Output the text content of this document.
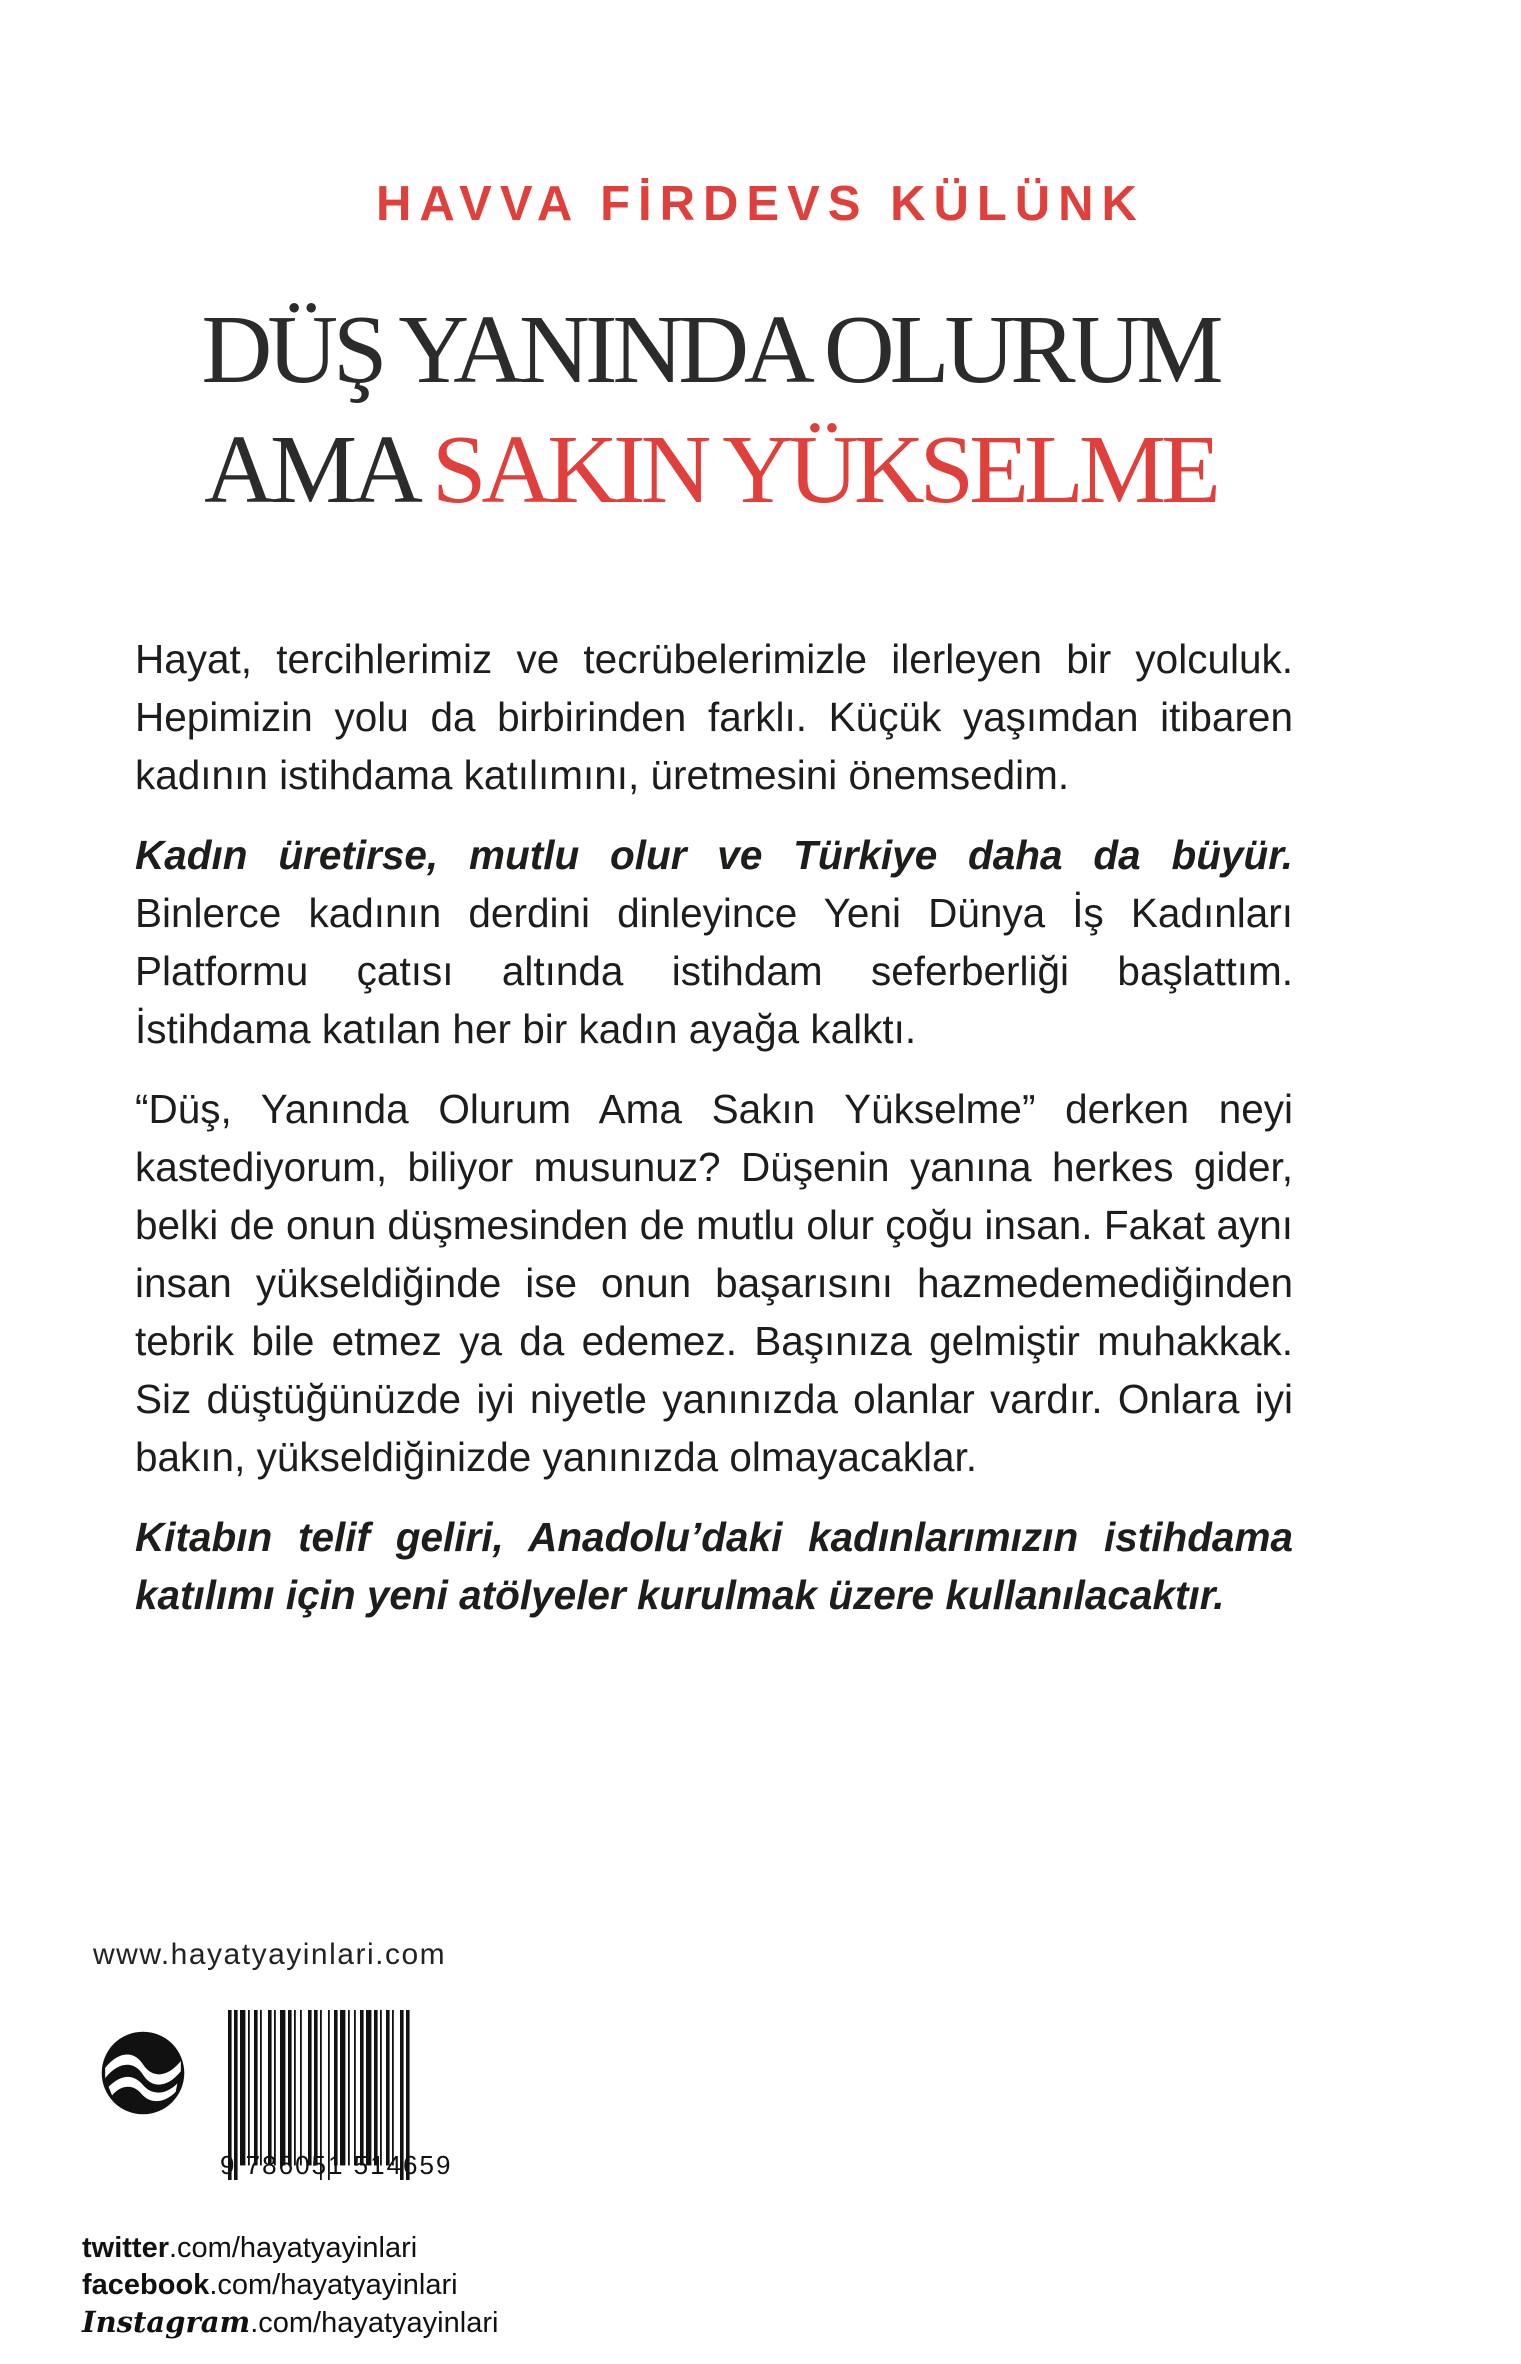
HAVVA FİRDEVS KÜLÜNK
DÜŞ YANINDA OLURUM
AMA SAKIN YÜKSELME

Hayat, tercihlerimiz ve tecrübelerimizle ilerleyen bir yolculuk. Hepimizin yolu da birbirinden farklı. Küçük yaşımdan itibaren kadının istihdama katılımını, üretmesini önemsedim.

Kadın üretirse, mutlu olur ve Türkiye daha da büyür. Binlerce kadının derdini dinleyince Yeni Dünya İş Kadınları Platformu çatısı altında istihdam seferberliği başlattım. İstihdama katılan her bir kadın ayağa kalktı.

“Düş, Yanında Olurum Ama Sakın Yükselme” derken neyi kastediyorum, biliyor musunuz? Düşenin yanına herkes gider, belki de onun düşmesinden de mutlu olur çoğu insan. Fakat aynı insan yükseldiğinde ise onun başarısını hazmedemediğinden tebrik bile etmez ya da edemez. Başınıza gelmiştir muhakkak. Siz düştüğünüzde iyi niyetle yanınızda olanlar vardır. Onlara iyi bakın, yükseldiğinizde yanınızda olmayacaklar.

Kitabın telif geliri, Anadolu’daki kadınlarımızın istihdama katılımı için yeni atölyeler kurulmak üzere kullanılacaktır.

www.hayatyayinlari.com
9 786051 514659
twitter.com/hayatyayinlari
facebook.com/hayatyayinlari
Instagram.com/hayatyayinlari
